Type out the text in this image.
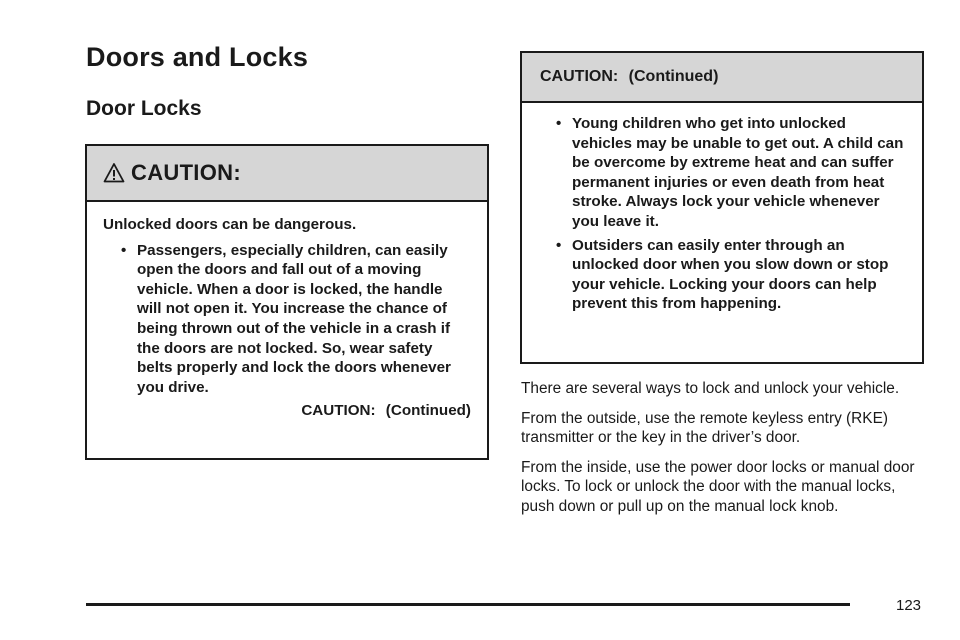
Doors and Locks
Door Locks
CAUTION:

Unlocked doors can be dangerous.

• Passengers, especially children, can easily open the doors and fall out of a moving vehicle. When a door is locked, the handle will not open it. You increase the chance of being thrown out of the vehicle in a crash if the doors are not locked. So, wear safety belts properly and lock the doors whenever you drive.
CAUTION: (Continued)
CAUTION: (Continued)
• Young children who get into unlocked vehicles may be unable to get out. A child can be overcome by extreme heat and can suffer permanent injuries or even death from heat stroke. Always lock your vehicle whenever you leave it.
• Outsiders can easily enter through an unlocked door when you slow down or stop your vehicle. Locking your doors can help prevent this from happening.

There are several ways to lock and unlock your vehicle.

From the outside, use the remote keyless entry (RKE) transmitter or the key in the driver’s door.

From the inside, use the power door locks or manual door locks. To lock or unlock the door with the manual locks, push down or pull up on the manual lock knob.

123
